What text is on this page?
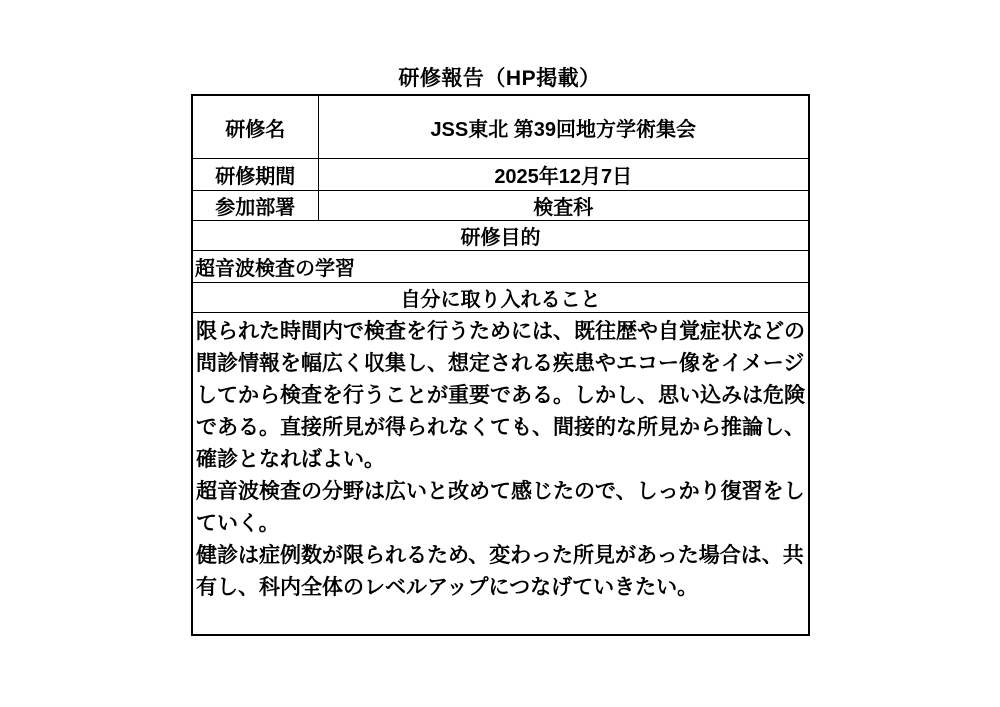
研修報告（HP掲載）
研修名	JSS東北 第39回地方学術集会
研修期間	2025年12月7日
参加部署	検査科
研修目的	
超音波検査の学習	
自分に取り入れること	

限られた時間内で検査を行うためには、既往歴や自覚症状などの
問診情報を幅広く収集し、想定される疾患やエコー像をイメージ
してから検査を行うことが重要である。しかし、思い込みは危険
である。直接所見が得られなくても、間接的な所見から推論し、
確診となればよい。
超音波検査の分野は広いと改めて感じたので、しっかり復習をし
ていく。
健診は症例数が限られるため、変わった所見があった場合は、共
有し、科内全体のレベルアップにつなげていきたい。
